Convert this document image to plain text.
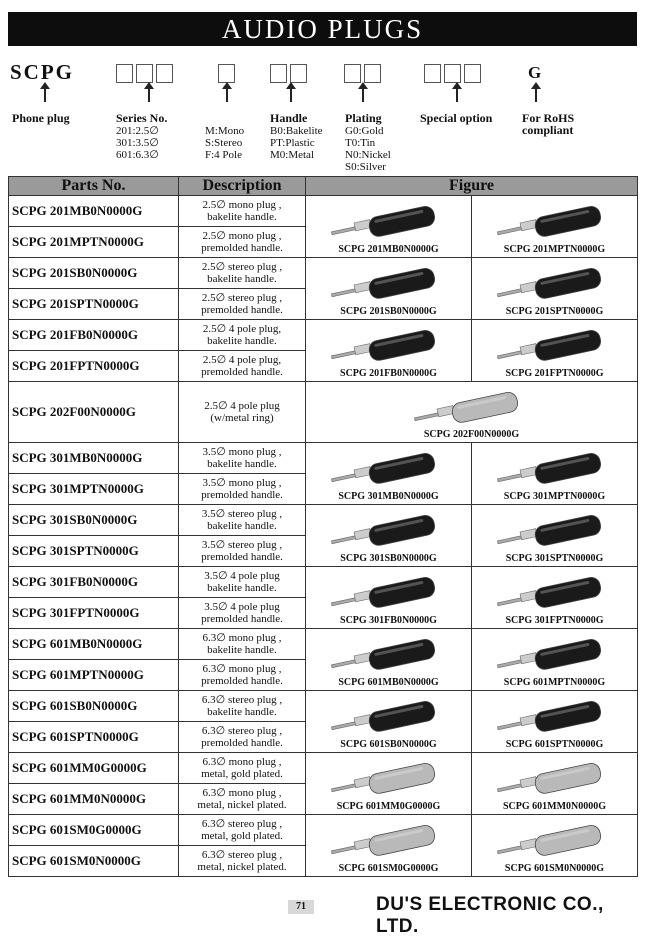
AUDIO PLUGS
SCPG	G
Phone plug	Series No.
201:2.5∅
301:3.5∅
601:6.3∅
M:Mono
S:Stereo
F:4 Pole
Handle
B0:Bakelite
PT:Plastic
M0:Metal
Plating
G0:Gold
T0:Tin
N0:Nickel
S0:Silver
Special option For RoHS
compliant
Parts No.	Description	Figure	
SCPG 201MB0N0000G	2.5∅ mono plug ,
bakelite handle.	SCPG 201MB0N0000G	SCPG 201MPTN0000G

SCPG 201MPTN0000G	2.5∅ mono plug ,
premolded handle.		

SCPG 201SB0N0000G	2.5∅ stereo plug ,
bakelite handle.	SCPG 201SB0N0000G	SCPG 201SPTN0000G

SCPG 201SPTN0000G	2.5∅ stereo plug ,
premolded handle.		

SCPG 201FB0N0000G	2.5∅ 4 pole plug,
bakelite handle.	SCPG 201FB0N0000G	SCPG 201FPTN0000G

SCPG 201FPTN0000G	2.5∅ 4 pole plug,
premolded handle.		

SCPG 202F00N0000G	2.5∅ 4 pole plug
(w/metal ring)	SCPG 202F00N0000G	

SCPG 301MB0N0000G	3.5∅ mono plug ,
bakelite handle.	SCPG 301MB0N0000G	SCPG 301MPTN0000G

SCPG 301MPTN0000G	3.5∅ mono plug ,
premolded handle.		

SCPG 301SB0N0000G	3.5∅ stereo plug ,
bakelite handle.	SCPG 301SB0N0000G	SCPG 301SPTN0000G

SCPG 301SPTN0000G	3.5∅ stereo plug ,
premolded handle.		

SCPG 301FB0N0000G	3.5∅ 4 pole plug
bakelite handle.	SCPG 301FB0N0000G	SCPG 301FPTN0000G

SCPG 301FPTN0000G	3.5∅ 4 pole plug
premolded handle.		

SCPG 601MB0N0000G	6.3∅ mono plug ,
bakelite handle.	SCPG 601MB0N0000G	SCPG 601MPTN0000G

SCPG 601MPTN0000G	6.3∅ mono plug ,
premolded handle.		

SCPG 601SB0N0000G	6.3∅ stereo plug ,
bakelite handle.	SCPG 601SB0N0000G	SCPG 601SPTN0000G

SCPG 601SPTN0000G	6.3∅ stereo plug ,
premolded handle.		

SCPG 601MM0G0000G	6.3∅ mono plug ,
metal, gold plated.	SCPG 601MM0G0000G	SCPG 601MM0N0000G

SCPG 601MM0N0000G	6.3∅ mono plug ,
metal, nickel plated.		

SCPG 601SM0G0000G	6.3∅ stereo plug ,
metal, gold plated.	SCPG 601SM0G0000G	SCPG 601SM0N0000G

SCPG 601SM0N0000G	6.3∅ stereo plug ,
metal, nickel plated.		
71	DU'S ELECTRONIC CO., LTD.
